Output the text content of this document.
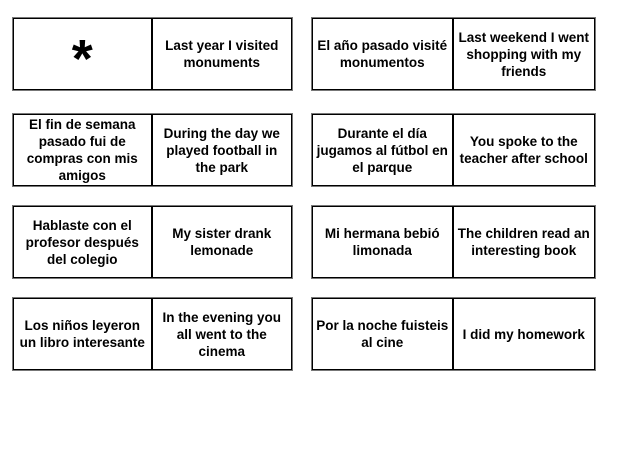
*	Last year I visited monuments
El año pasado visité monumentos
Last weekend I went shopping with my friends
El fin de semana pasado fui de compras con mis amigos
During the day we played football in the park
Durante el día jugamos al fútbol en el parque
You spoke to the teacher after school
Hablaste con el profesor después del colegio
My sister drank lemonade
Mi hermana bebió limonada
The children read an interesting book
Los niños leyeron un libro interesante
In the evening you all went to the cinema
Por la noche fuisteis al cine
I did my homework
